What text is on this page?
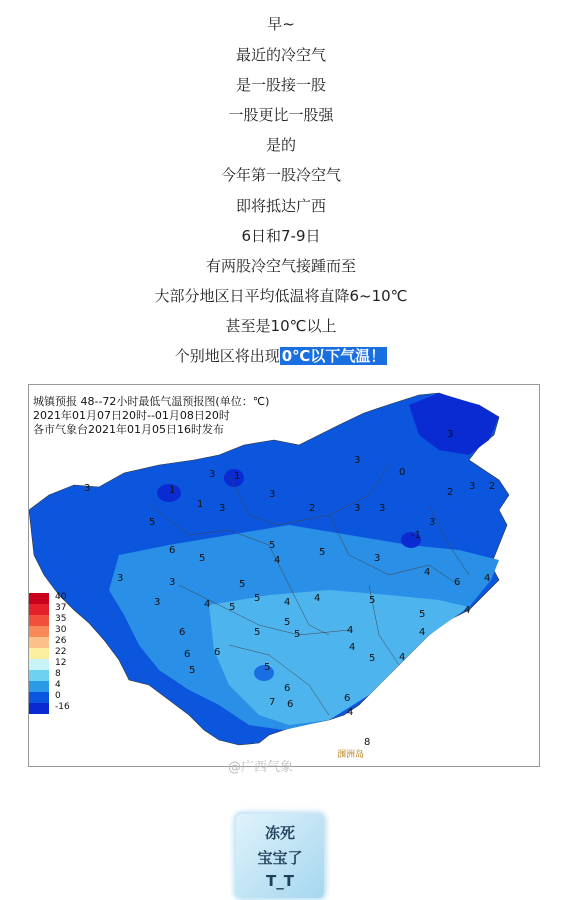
早~
最近的冷空气
是一股接一股
一股更比一股强
是的
今年第一股冷空气
即将抵达广西
6日和7-9日
有两股冷空气接踵而至
大部分地区日平均低温将直降6~10℃
甚至是10℃以上
个别地区将出现 0℃以下气温！
3	1
3 1
1 3
3
2	3 3
-1
3
2
3 2
0
3
3
5
6
5
5
4
5
3
4
6 4
3	3
3	4
5
5 4 4	5
4
6 6
5
5
5	4
4
5 4
4
5
5
6
7 6
6
4
8
5
5
6
涠洲岛
城镇预报 48--72小时最低气温预报图(单位：℃)
2021年01月07日20时--01月08日20时
各市气象台2021年01月05日16时发布
40
37
35
30
26
22
12
8
4
0
-16
@广西气象
冻死
宝宝了
T_T
